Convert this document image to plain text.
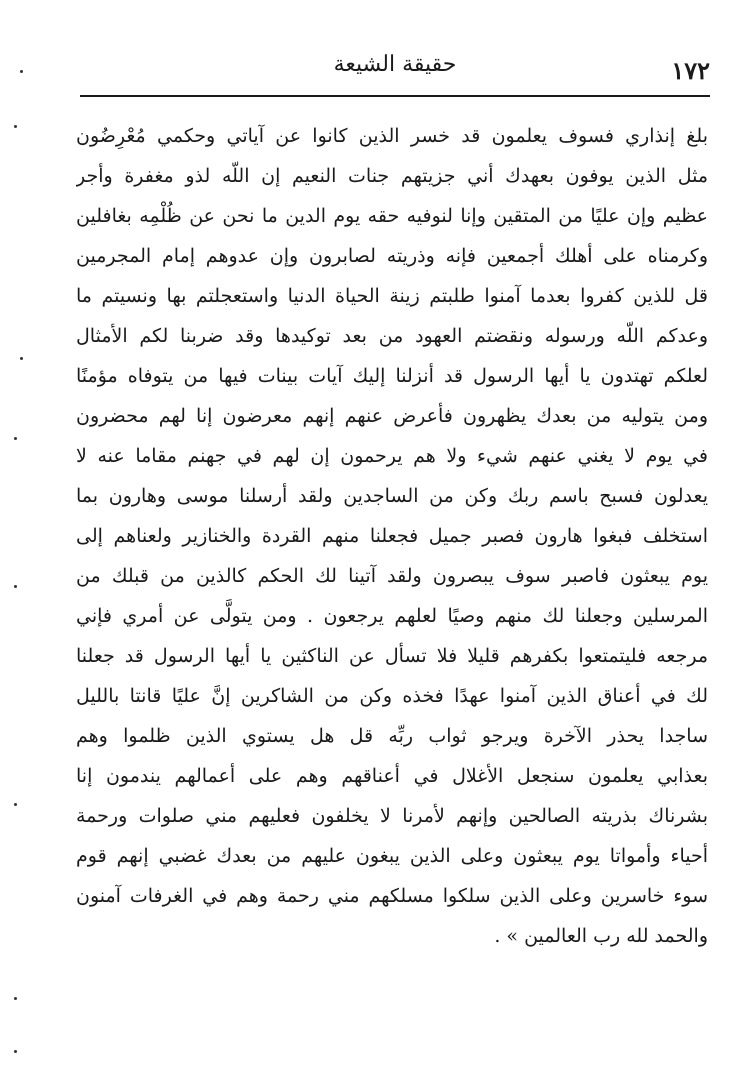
حقيقة الشيعة	١٧٢
بلغ إنذاري فسوف يعلمون قد خسر الذين كانوا عن آياتي وحكمي مُعْرِضُون
مثل الذين يوفون بعهدك أني جزيتهم جنات النعيم إن اللّه لذو مغفرة وأجر
عظيم وإن عليًا من المتقين وإنا لنوفيه حقه يوم الدين ما نحن عن ظُلْمِه بغافلين
وكرمناه على أهلك أجمعين فإنه وذريته لصابرون وإن عدوهم إمام المجرمين
قل للذين كفروا بعدما آمنوا طلبتم زينة الحياة الدنيا واستعجلتم بها ونسيتم ما
وعدكم اللّه ورسوله ونقضتم العهود من بعد توكيدها وقد ضربنا لكم الأمثال
لعلكم تهتدون يا أيها الرسول قد أنزلنا إليك آيات بينات فيها من يتوفاه مؤمنًا
ومن يتوليه من بعدك يظهرون فأعرض عنهم إنهم معرضون إنا لهم محضرون
في يوم لا يغني عنهم شيء ولا هم يرحمون إن لهم في جهنم مقاما عنه لا
يعدلون فسبح باسم ربك وكن من الساجدين ولقد أرسلنا موسى وهارون بما
استخلف فبغوا هارون فصبر جميل فجعلنا منهم القردة والخنازير ولعناهم إلى
يوم يبعثون فاصبر سوف يبصرون ولقد آتينا لك الحكم كالذين من قبلك من
المرسلين وجعلنا لك منهم وصيًا لعلهم يرجعون . ومن يتولَّى عن أمري فإني
مرجعه فليتمتعوا بكفرهم قليلا فلا تسأل عن الناكثين يا أيها الرسول قد جعلنا
لك في أعناق الذين آمنوا عهدًا فخذه وكن من الشاكرين إنَّ عليًا قانتا بالليل
ساجدا يحذر الآخرة ويرجو ثواب ربِّه قل هل يستوي الذين ظلموا وهم
بعذابي يعلمون سنجعل الأغلال في أعناقهم وهم على أعمالهم يندمون إنا
بشرناك بذريته الصالحين وإنهم لأمرنا لا يخلفون فعليهم مني صلوات ورحمة
أحياء وأمواتا يوم يبعثون وعلى الذين يبغون عليهم من بعدك غضبي إنهم قوم
سوء خاسرين وعلى الذين سلكوا مسلكهم مني رحمة وهم في الغرفات آمنون
والحمد لله رب العالمين » .
